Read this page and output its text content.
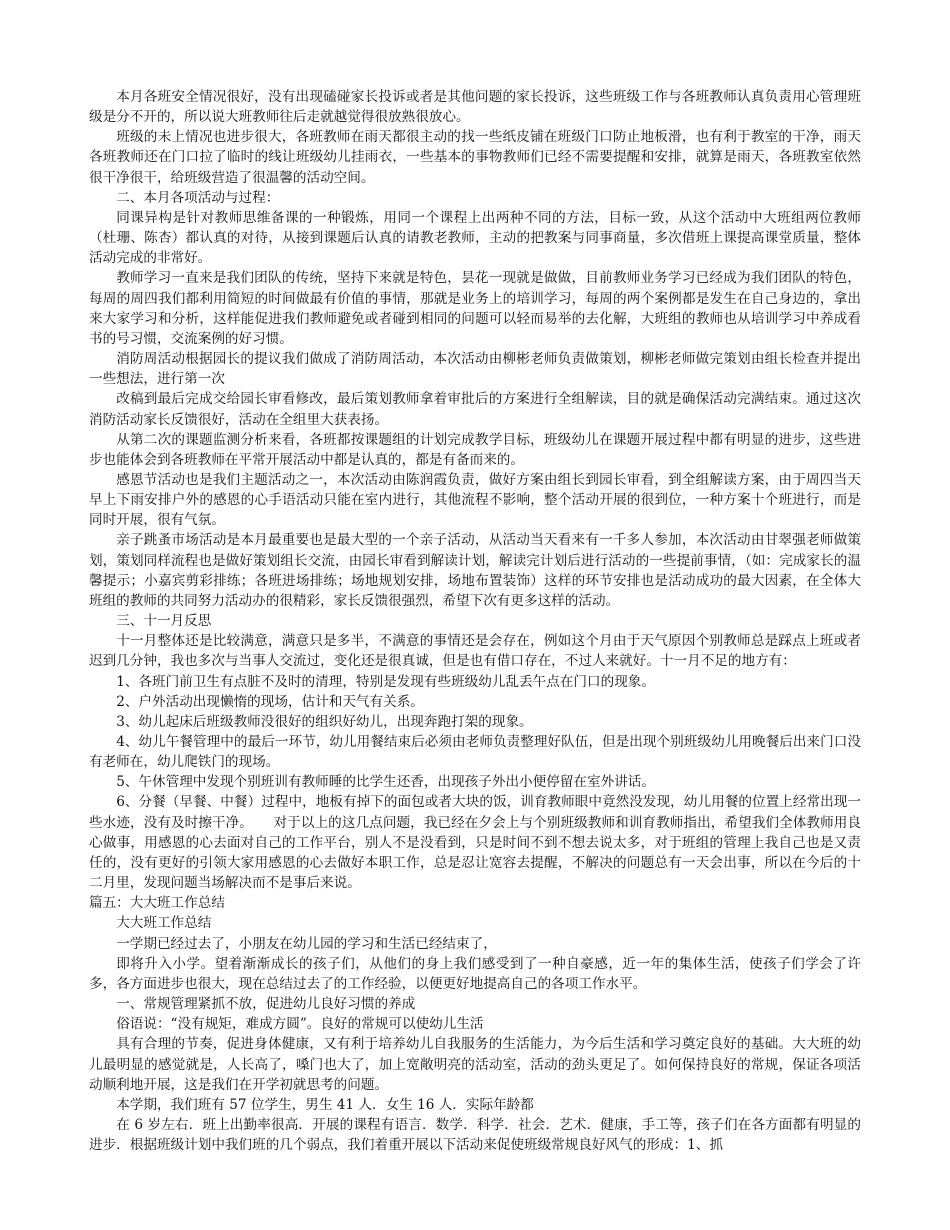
本月各班安全情况很好，没有出现磕碰家长投诉或者是其他问题的家长投诉，这些班级工作与各班教师认真负责用心管理班级是分不开的，所以说大班教师往后走就越觉得很放熟很放心。

班级的未上情况也进步很大，各班教师在雨天都很主动的找一些纸皮铺在班级门口防止地板滑，也有利于教室的干净，雨天各班教师还在门口拉了临时的线让班级幼儿挂雨衣，一些基本的事物教师们已经不需要提醒和安排，就算是雨天，各班教室依然很干净很干，给班级营造了很温馨的活动空间。

二、本月各项活动与过程：

同课异构是针对教师思维备课的一种锻炼，用同一个课程上出两种不同的方法，目标一致，从这个活动中大班组两位教师（杜珊、陈杏）都认真的对待，从接到课题后认真的请教老教师，主动的把教案与同事商量，多次借班上课提高课堂质量，整体活动完成的非常好。

教师学习一直来是我们团队的传统，坚持下来就是特色，昙花一现就是做做，目前教师业务学习已经成为我们团队的特色，每周的周四我们都利用简短的时间做最有价值的事情，那就是业务上的培训学习，每周的两个案例都是发生在自己身边的，拿出来大家学习和分析，这样能促进我们教师避免或者碰到相同的问题可以轻而易举的去化解，大班组的教师也从培训学习中养成看书的号习惯，交流案例的好习惯。

消防周活动根据园长的提议我们做成了消防周活动，本次活动由柳彬老师负责做策划，柳彬老师做完策划由组长检查并提出一些想法，进行第一次

改稿到最后完成交给园长审看修改，最后策划教师拿着审批后的方案进行全组解读，目的就是确保活动完满结束。通过这次消防活动家长反馈很好，活动在全组里大获表扬。

从第二次的课题监测分析来看，各班都按课题组的计划完成教学目标，班级幼儿在课题开展过程中都有明显的进步，这些进步也能体会到各班教师在平常开展活动中都是认真的，都是有备而来的。

感恩节活动也是我们主题活动之一，本次活动由陈润霞负责，做好方案由组长到园长审看，到全组解读方案，由于周四当天早上下雨安排户外的感恩的心手语活动只能在室内进行，其他流程不影响，整个活动开展的很到位，一种方案十个班进行，而是同时开展，很有气氛。

亲子跳蚤市场活动是本月最重要也是最大型的一个亲子活动，从活动当天看来有一千多人参加，本次活动由甘翠强老师做策划，策划同样流程也是做好策划组长交流，由园长审看到解读计划，解读完计划后进行活动的一些提前事情，（如：完成家长的温馨提示；小嘉宾剪彩排练；各班进场排练；场地规划安排，场地布置装饰）这样的环节安排也是活动成功的最大因素，在全体大班组的教师的共同努力活动办的很精彩，家长反馈很强烈，希望下次有更多这样的活动。

三、十一月反思

十一月整体还是比较满意，满意只是多半，不满意的事情还是会存在，例如这个月由于天气原因个别教师总是踩点上班或者迟到几分钟，我也多次与当事人交流过，变化还是很真诚，但是也有借口存在，不过人来就好。十一月不足的地方有：

1、各班门前卫生有点脏不及时的清理，特别是发现有些班级幼儿乱丢午点在门口的现象。

2、户外活动出现懒惰的现场，估计和天气有关系。

3、幼儿起床后班级教师没很好的组织好幼儿，出现奔跑打架的现象。

4、幼儿午餐管理中的最后一环节，幼儿用餐结束后必须由老师负责整理好队伍，但是出现个别班级幼儿用晚餐后出来门口没有老师在，幼儿爬铁门的现场。

5、午休管理中发现个别班训有教师睡的比学生还香，出现孩子外出小便停留在室外讲话。

6、分餐（早餐、中餐）过程中，地板有掉下的面包或者大块的饭，训育教师眼中竟然没发现，幼儿用餐的位置上经常出现一些水迹，没有及时擦干净。　　对于以上的这几点问题，我已经在夕会上与个别班级教师和训育教师指出，希望我们全体教师用良心做事，用感恩的心去面对自己的工作平台，别人不是没看到，只是时间不到不想去说太多，对于班组的管理上我自己也是又责任的，没有更好的引领大家用感恩的心去做好本职工作，总是忍让宽容去提醒，不解决的问题总有一天会出事，所以在今后的十二月里，发现问题当场解决而不是事后来说。

篇五：大大班工作总结

大大班工作总结

一学期已经过去了，小朋友在幼儿园的学习和生活已经结束了，

即将升入小学。望着渐渐成长的孩子们，从他们的身上我们感受到了一种自豪感，近一年的集体生活，使孩子们学会了许多，各方面进步也很大，现在总结过去了的工作经验，以便更好地提高自己的各项工作水平。

一、常规管理紧抓不放，促进幼儿良好习惯的养成

俗语说：“没有规矩，难成方圆”。良好的常规可以使幼儿生活

具有合理的节奏，促进身体健康，又有利于培养幼儿自我服务的生活能力，为今后生活和学习奠定良好的基础。大大班的幼儿最明显的感觉就是，人长高了，嗓门也大了，加上宽敞明亮的活动室，活动的劲头更足了。如何保持良好的常规，保证各项活动顺利地开展，这是我们在开学初就思考的问题。

本学期，我们班有 57 位学生，男生 41 人．女生 16 人．实际年龄都

在 6 岁左右．班上出勤率很高．开展的课程有语言．数学．科学．社会．艺术．健康，手工等，孩子们在各方面都有明显的进步．根据班级计划中我们班的几个弱点，我们着重开展以下活动来促使班级常规良好风气的形成：1、抓
